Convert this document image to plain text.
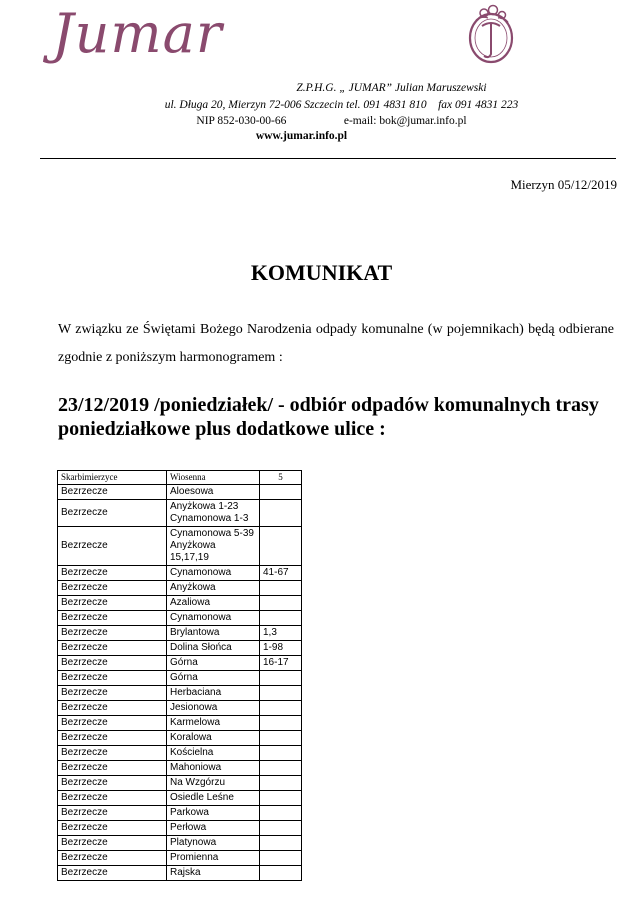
Jumar
Z.P.H.G. „ JUMAR” Julian Maruszewski
ul. Długa 20, Mierzyn 72-006 Szczecin tel. 091 4831 810    fax 091 4831 223
NIP 852-030-00-66                    e-mail: bok@jumar.info.pl
www.jumar.info.pl
Mierzyn 05/12/2019
KOMUNIKAT
W związku ze Świętami Bożego Narodzenia odpady komunalne (w pojemnikach) będą odbierane zgodnie z poniższym harmonogramem :
23/12/2019 /poniedziałek/ - odbiór odpadów komunalnych trasy poniedziałkowe plus dodatkowe ulice :
Skarbimierzyce	Wiosenna	5
Bezrzecze	Aloesowa	
Bezrzecze	Anyżkowa 1-23 Cynamonowa 1-3	
Bezrzecze	Cynamonowa 5-39 Anyżkowa 15,17,19	
Bezrzecze	Cynamonowa	41-67
Bezrzecze	Anyżkowa	
Bezrzecze	Azaliowa	
Bezrzecze	Cynamonowa	
Bezrzecze	Brylantowa	1,3
Bezrzecze	Dolina Słońca	1-98
Bezrzecze	Górna	16-17
Bezrzecze	Górna	
Bezrzecze	Herbaciana	
Bezrzecze	Jesionowa	
Bezrzecze	Karmelowa	
Bezrzecze	Koralowa	
Bezrzecze	Kościelna	
Bezrzecze	Mahoniowa	
Bezrzecze	Na Wzgórzu	
Bezrzecze	Osiedle Leśne	
Bezrzecze	Parkowa	
Bezrzecze	Perłowa	
Bezrzecze	Platynowa	
Bezrzecze	Promienna	
Bezrzecze	Rajska	
